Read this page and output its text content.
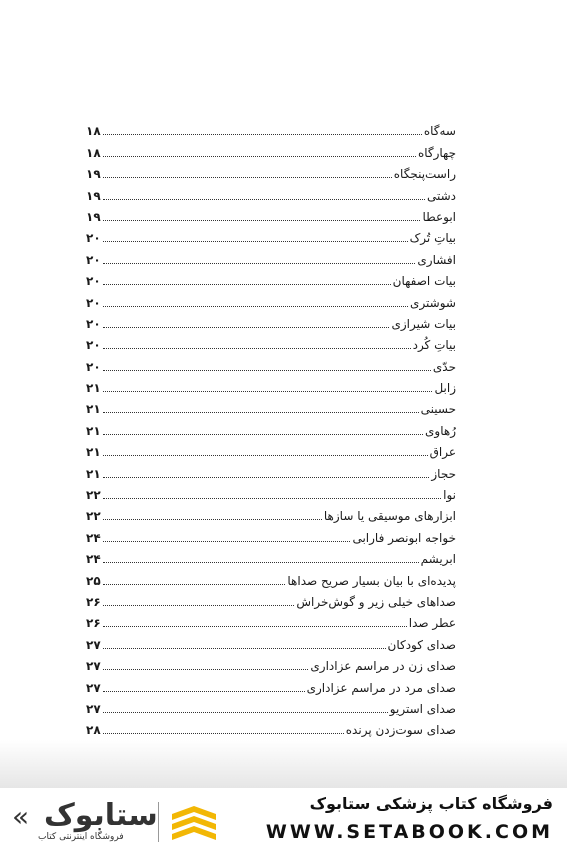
سه‌گاه
۱۸
چهارگاه
۱۸
راست‌پنجگاه
۱۹
دشتی
۱۹
ابوعطا
۱۹
بیاتِ تُرک
۲۰
افشاری
۲۰
بیات اصفهان
۲۰
شوشتری
۲۰
بیات شیرازی
۲۰
بیاتِ کُرد
۲۰
حدّی
۲۰
زابل
۲۱
حسینی
۲۱
رُهاوی
۲۱
عراق
۲۱
حجاز
۲۱
نوا
۲۲
ابزارهای موسیقی یا سازها
۲۲
خواجه ابونصر فارابی
۲۴
ابریشم
۲۴
پدیده‌ای با بیان بسیار صریح صداها
۲۵
صداهای خیلی زیر و گوش‌خراش
۲۶
عطر صدا
۲۶
صدای کودکان
۲۷
صدای زن در مراسم عزاداری
۲۷
صدای مرد در مراسم عزاداری
۲۷
صدای استریو
۲۷
صدای سوت‌زدن پرنده
۲۸
فروشگاه کتاب پزشکی ستابوک
WWW.SETABOOK.COM
« ستابوک
فروشگاه اینترنتی کتاب
